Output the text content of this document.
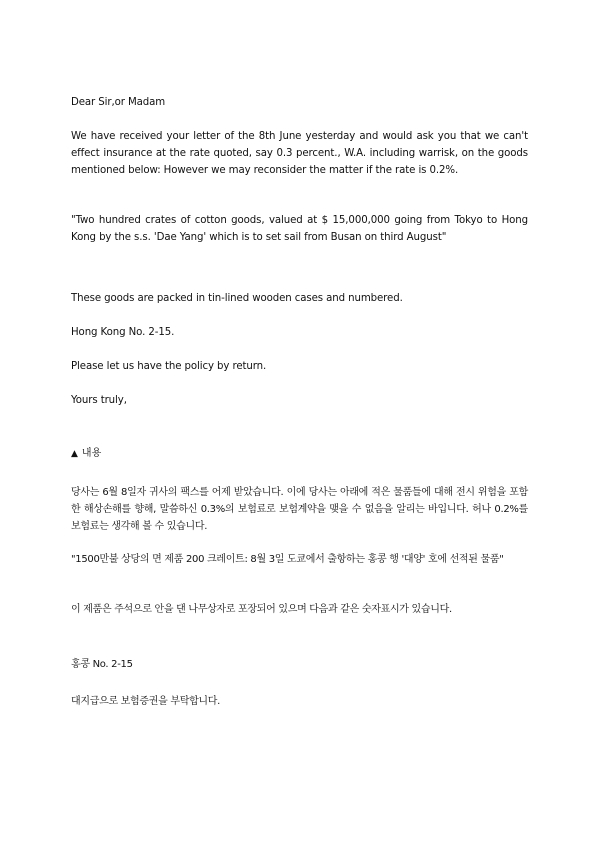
Dear Sir,or Madam

We have received your letter of the 8th June yesterday and would ask you that we can't effect insurance at the rate quoted, say 0.3 percent., W.A. including warrisk, on the goods mentioned below: However we may reconsider the matter if the rate is 0.2%.

"Two hundred crates of cotton goods, valued at $ 15,000,000 going from Tokyo to Hong Kong by the s.s. 'Dae Yang' which is to set sail from Busan on third August"

These goods are packed in tin-lined wooden cases and numbered.

Hong Kong No. 2-15.

Please let us have the policy by return.

Yours truly,

▲ 내용

당사는 6월 8일자 귀사의 팩스를 어제 받았습니다. 이에 당사는 아래에 적은 물품들에 대해 전시 위험을 포함한 해상손해를 향해, 말씀하신 0.3%의 보험료로 보험계약을 맺을 수 없음을 알리는 바입니다. 허나 0.2%를 보험료는 생각해 볼 수 있습니다.

"1500만불 상당의 면 제품 200 크레이트: 8월 3일 도쿄에서 출항하는 홍콩 행 '대양' 호에 선적된 물품"

이 제품은 주석으로 안을 댄 나무상자로 포장되어 있으며 다음과 같은 숫자표시가 있습니다.

홍콩 No. 2-15

대지급으로 보험증권을 부탁합니다.
